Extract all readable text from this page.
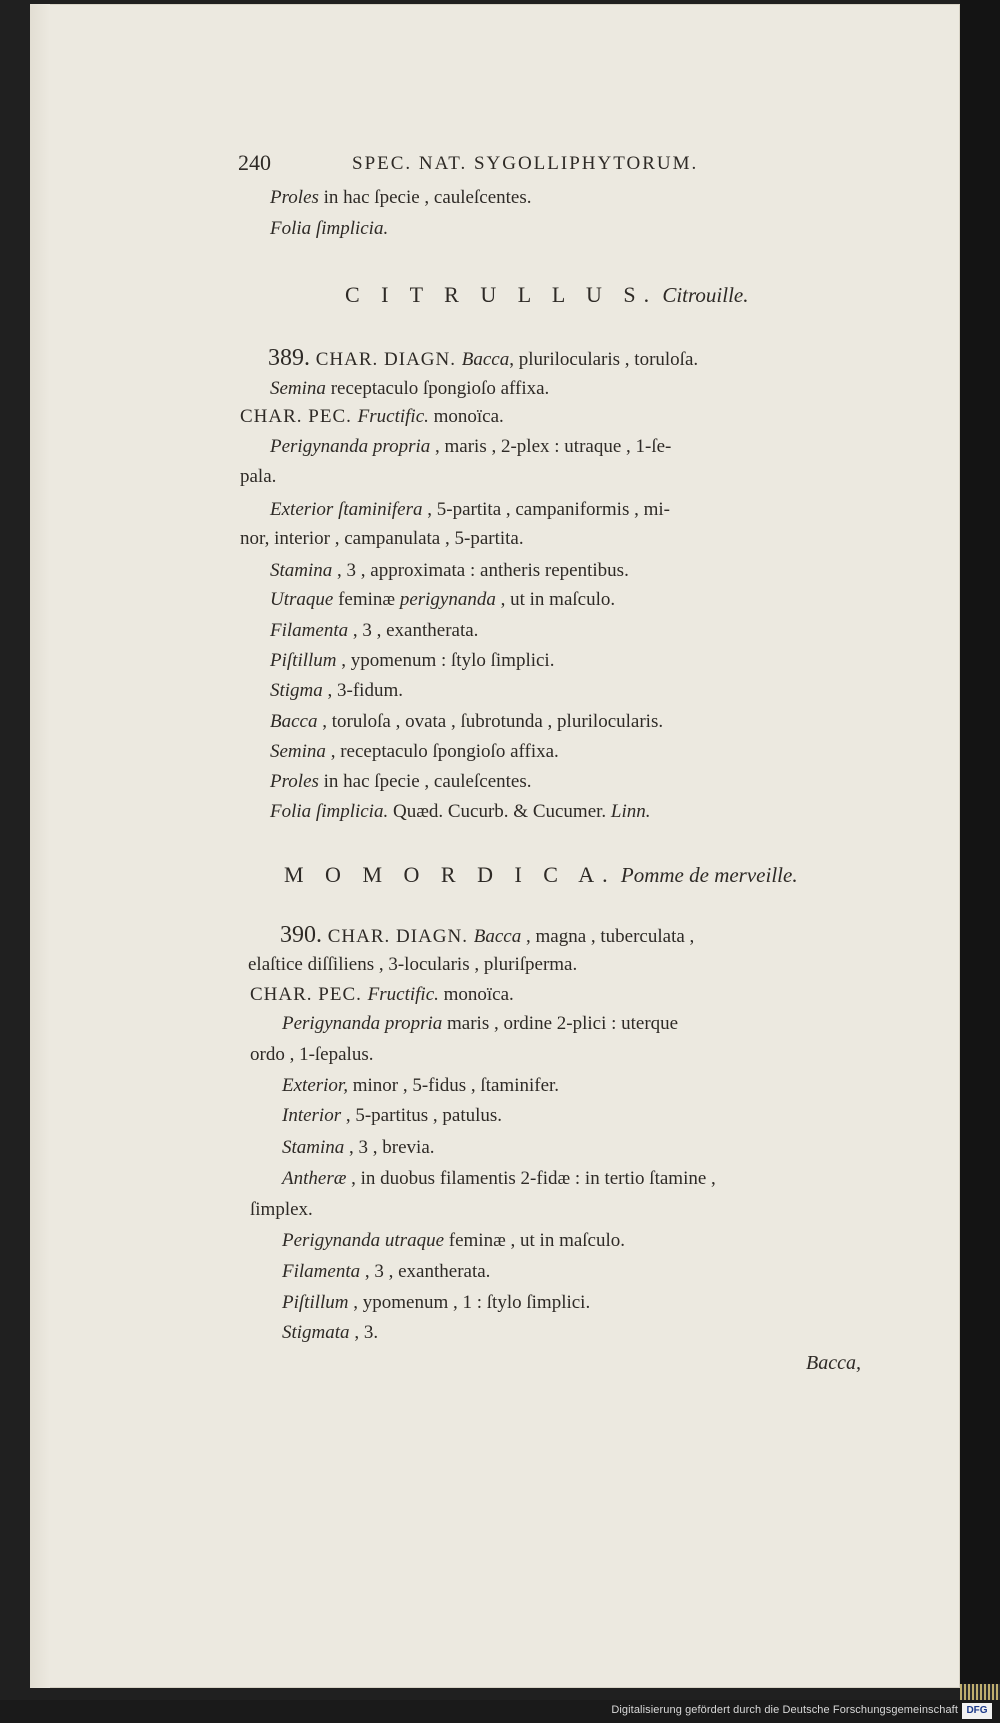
Digitalisierung gefördert durch die Deutsche Forschungsgemeinschaft DFG
240	SPEC. NAT. SYGOLLIPHYTORUM.
Proles in hac ſpecie , cauleſcentes.
Folia ſimplicia.
C I T R U L L U S. Citrouille.
389. CHAR. DIAGN. Bacca, plurilocularis , toruloſa.
Semina receptaculo ſpongioſo affixa.
CHAR. PEC. Fructific. monoïca.
Perigynanda propria , maris , 2-plex : utraque , 1-ſe-
pala.
Exterior ſtaminifera , 5-partita , campaniformis , mi-
nor, interior , campanulata , 5-partita.
Stamina , 3 , approximata : antheris repentibus.
Utraque feminæ perigynanda , ut in maſculo.
Filamenta , 3 , exantherata.
Piſtillum , ypomenum : ſtylo ſimplici.
Stigma , 3-fidum.
Bacca , toruloſa , ovata , ſubrotunda , plurilocularis.
Semina , receptaculo ſpongioſo affixa.
Proles in hac ſpecie , cauleſcentes.
Folia ſimplicia. Quæd. Cucurb. & Cucumer. Linn.
M O M O R D I C A. Pomme de merveille.
390. CHAR. DIAGN. Bacca , magna , tuberculata ,
elaſtice diſſiliens , 3-locularis , pluriſperma.
CHAR. PEC. Fructific. monoïca.
Perigynanda propria maris , ordine 2-plici : uterque
ordo , 1-ſepalus.
Exterior, minor , 5-fidus , ſtaminifer.
Interior , 5-partitus , patulus.
Stamina , 3 , brevia.
Antheræ , in duobus filamentis 2-fidæ : in tertio ſtamine ,
ſimplex.
Perigynanda utraque feminæ , ut in maſculo.
Filamenta , 3 , exantherata.
Piſtillum , ypomenum , 1 : ſtylo ſimplici.
Stigmata , 3.
Bacca,
